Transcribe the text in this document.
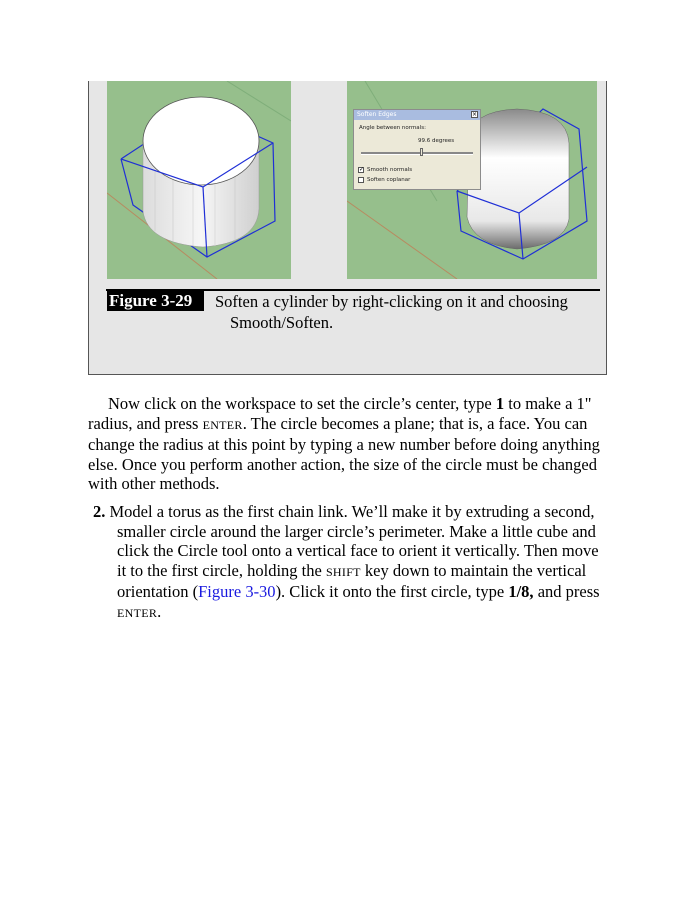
Soften Edges	×
Angle between normals:
99.6 degrees
✓ Smooth normals
Soften coplanar
Figure 3-29	Soften a cylinder by right-clicking on it and choosing
Smooth/Soften.

Now click on the workspace to set the circle’s center, type 1 to make a 1" radius, and press ENTER. The circle becomes a plane; that is, a face. You can change the radius at this point by typing a new number before doing anything else. Once you perform another action, the size of the circle must be changed with other methods.

2. Model a torus as the first chain link. We’ll make it by extruding a second, smaller circle around the larger circle’s perimeter. Make a little cube and click the Circle tool onto a vertical face to orient it vertically. Then move it to the first circle, holding the SHIFT key down to maintain the vertical orientation (Figure 3-30). Click it onto the first circle, type 1/8, and press ENTER.
